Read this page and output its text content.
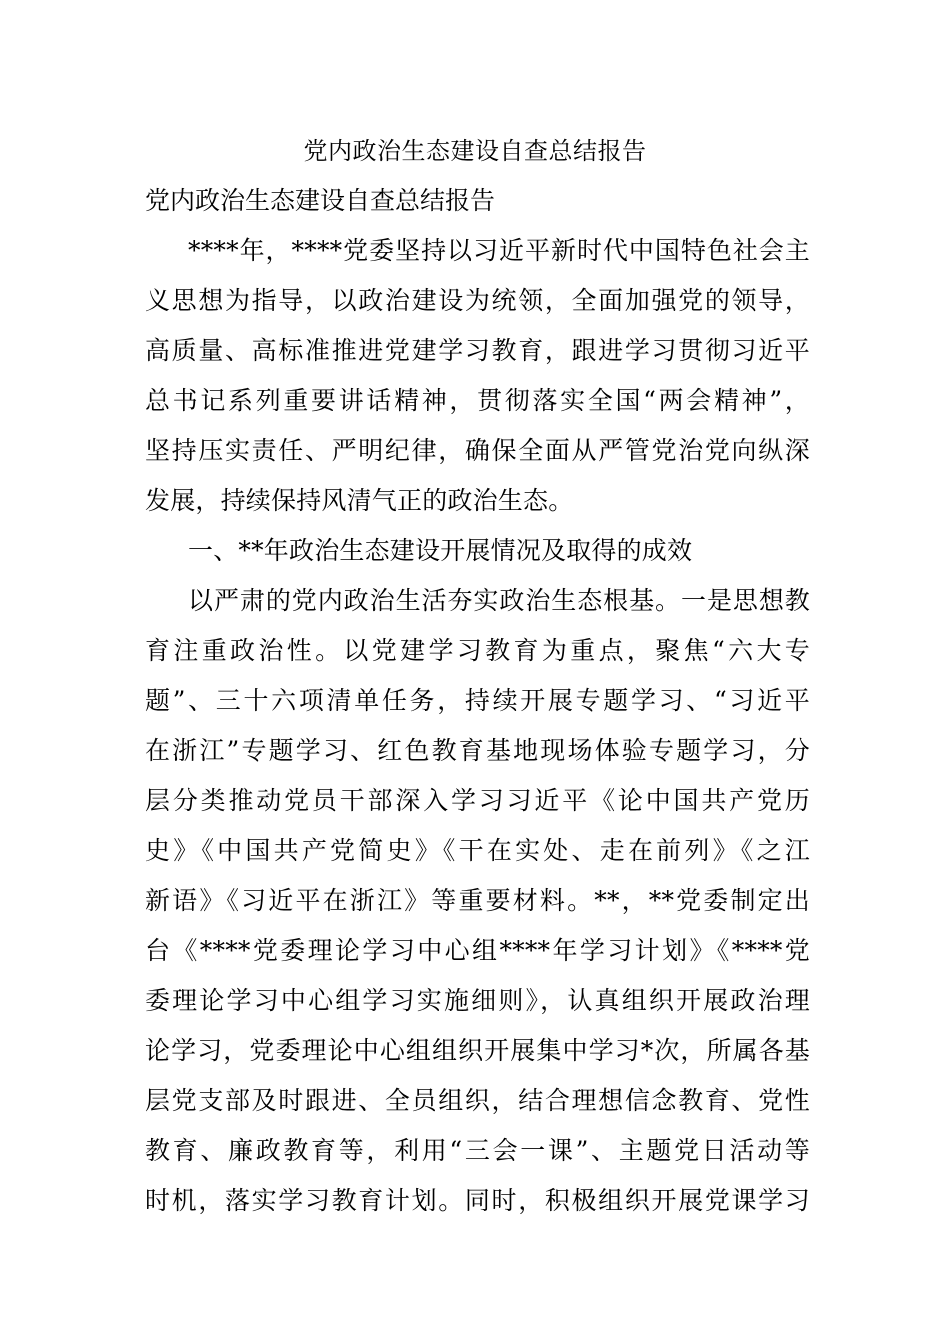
党内政治生态建设自查总结报告
党内政治生态建设自查总结报告
****年，****党委坚持以习近平新时代中国特色社会主
义思想为指导，以政治建设为统领，全面加强党的领导，
高质量、高标准推进党建学习教育，跟进学习贯彻习近平
总书记系列重要讲话精神，贯彻落实全国“两会精神”，
坚持压实责任、严明纪律，确保全面从严管党治党向纵深
发展，持续保持风清气正的政治生态。
一、**年政治生态建设开展情况及取得的成效
以严肃的党内政治生活夯实政治生态根基。一是思想教
育注重政治性。以党建学习教育为重点，聚焦“六大专
题”、三十六项清单任务，持续开展专题学习、“习近平
在浙江”专题学习、红色教育基地现场体验专题学习，分
层分类推动党员干部深入学习习近平《论中国共产党历
史》《中国共产党简史》《干在实处、走在前列》《之江
新语》《习近平在浙江》等重要材料。**，**党委制定出
台《****党委理论学习中心组****年学习计划》《****党
委理论学习中心组学习实施细则》，认真组织开展政治理
论学习，党委理论中心组组织开展集中学习*次，所属各基
层党支部及时跟进、全员组织，结合理想信念教育、党性
教育、廉政教育等，利用“三会一课”、主题党日活动等
时机，落实学习教育计划。同时，积极组织开展党课学习
